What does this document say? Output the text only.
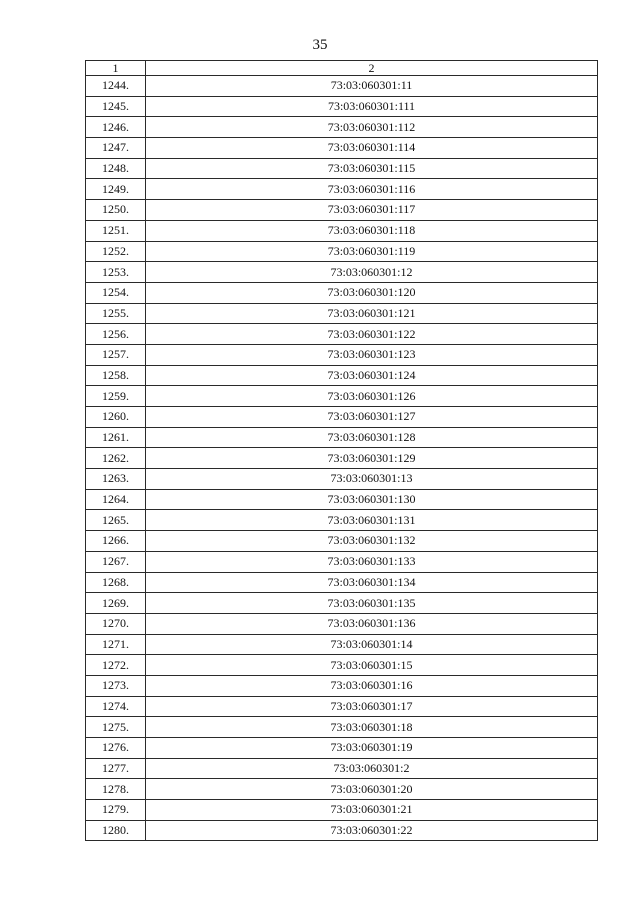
35
1	2
1244.	73:03:060301:11
1245.	73:03:060301:111
1246.	73:03:060301:112
1247.	73:03:060301:114
1248.	73:03:060301:115
1249.	73:03:060301:116
1250.	73:03:060301:117
1251.	73:03:060301:118
1252.	73:03:060301:119
1253.	73:03:060301:12
1254.	73:03:060301:120
1255.	73:03:060301:121
1256.	73:03:060301:122
1257.	73:03:060301:123
1258.	73:03:060301:124
1259.	73:03:060301:126
1260.	73:03:060301:127
1261.	73:03:060301:128
1262.	73:03:060301:129
1263.	73:03:060301:13
1264.	73:03:060301:130
1265.	73:03:060301:131
1266.	73:03:060301:132
1267.	73:03:060301:133
1268.	73:03:060301:134
1269.	73:03:060301:135
1270.	73:03:060301:136
1271.	73:03:060301:14
1272.	73:03:060301:15
1273.	73:03:060301:16
1274.	73:03:060301:17
1275.	73:03:060301:18
1276.	73:03:060301:19
1277.	73:03:060301:2
1278.	73:03:060301:20
1279.	73:03:060301:21
1280.	73:03:060301:22
